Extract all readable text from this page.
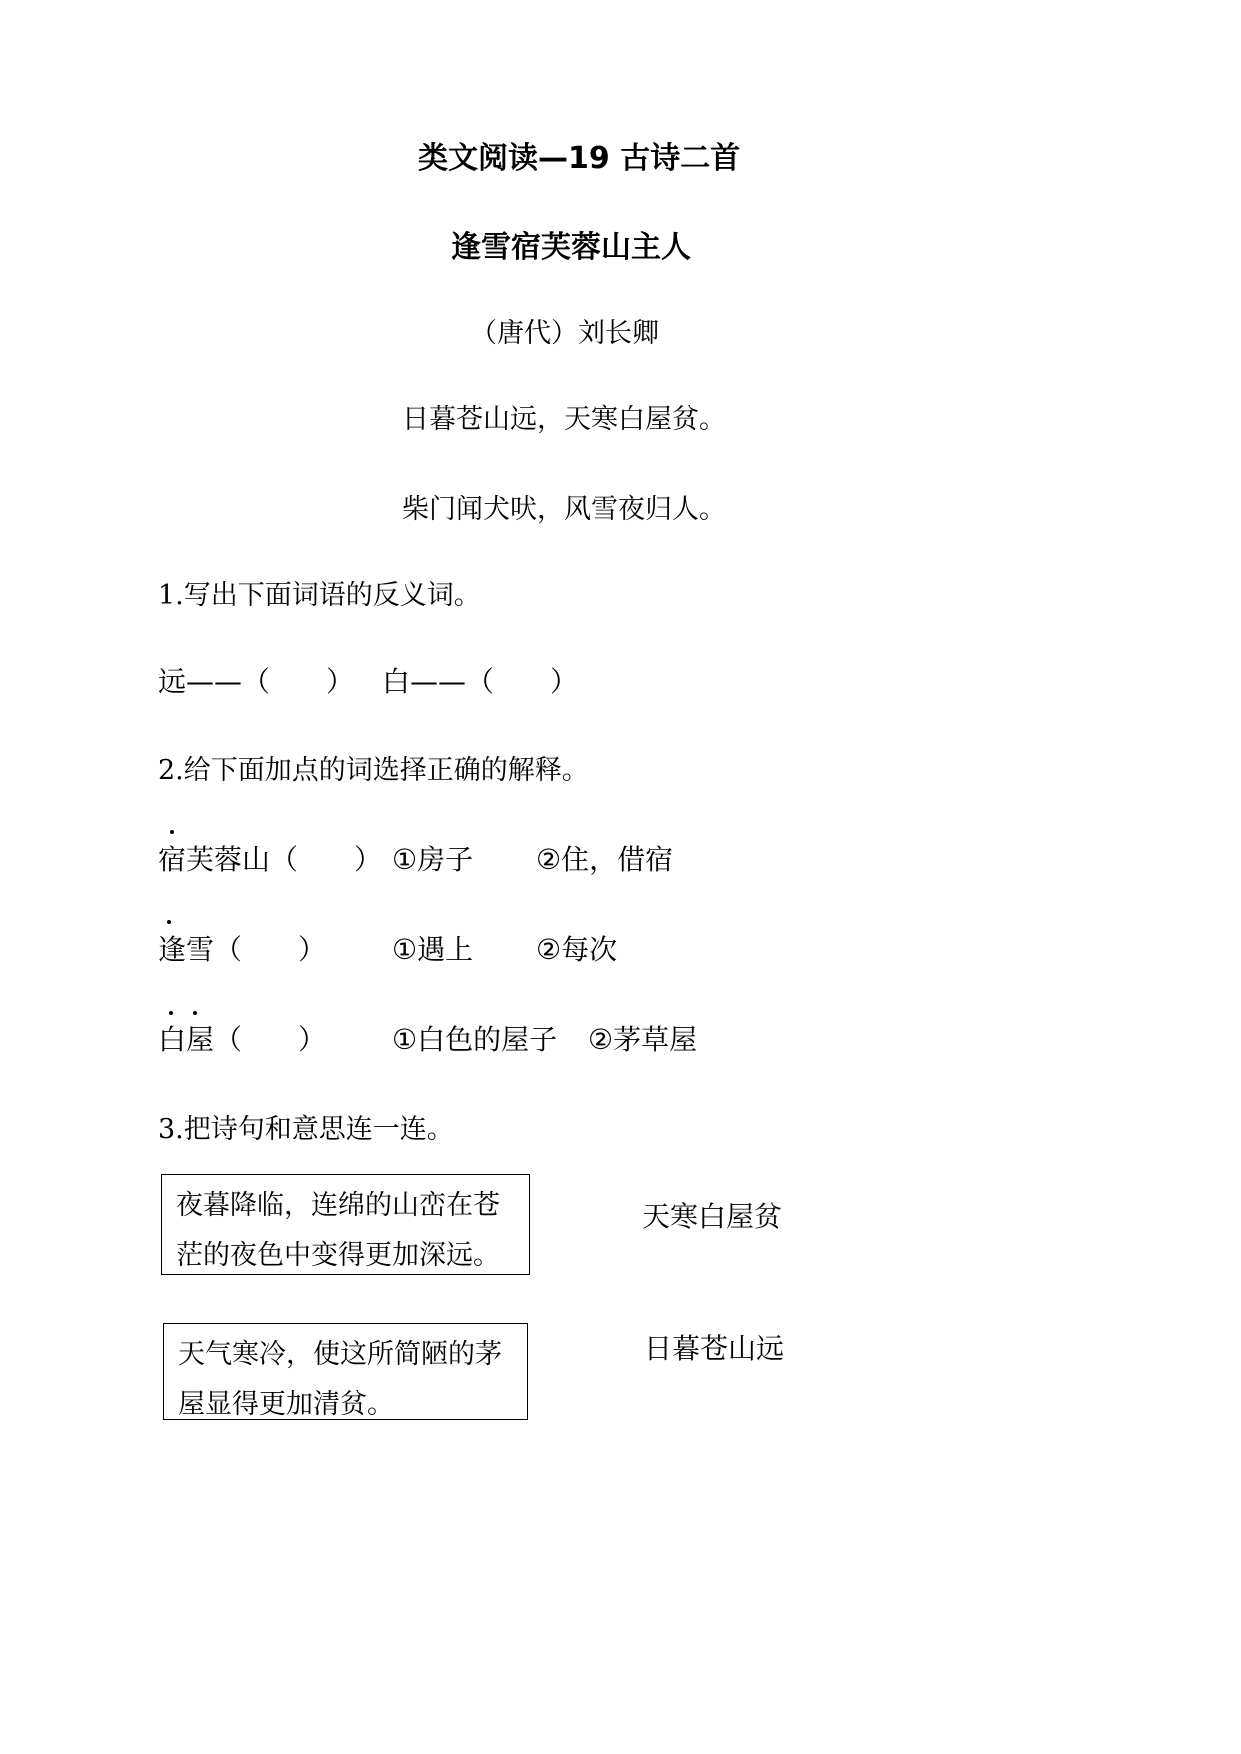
类文阅读—19 古诗二首
逢雪宿芙蓉山主人
（唐代）刘长卿
日暮苍山远，天寒白屋贫。
柴门闻犬吠，风雪夜归人。
1.写出下面词语的反义词。
远——（　　） 白——（　　）
2.给下面加点的词选择正确的解释。
宿芙蓉山（　　） ①房子 ②住，借宿
逢雪（　　） ①遇上 ②每次
白屋（　　） ①白色的屋子 ②茅草屋
3.把诗句和意思连一连。
夜暮降临，连绵的山峦在苍茫的夜色中变得更加深远。
天气寒冷，使这所简陋的茅屋显得更加清贫。
天寒白屋贫
日暮苍山远
